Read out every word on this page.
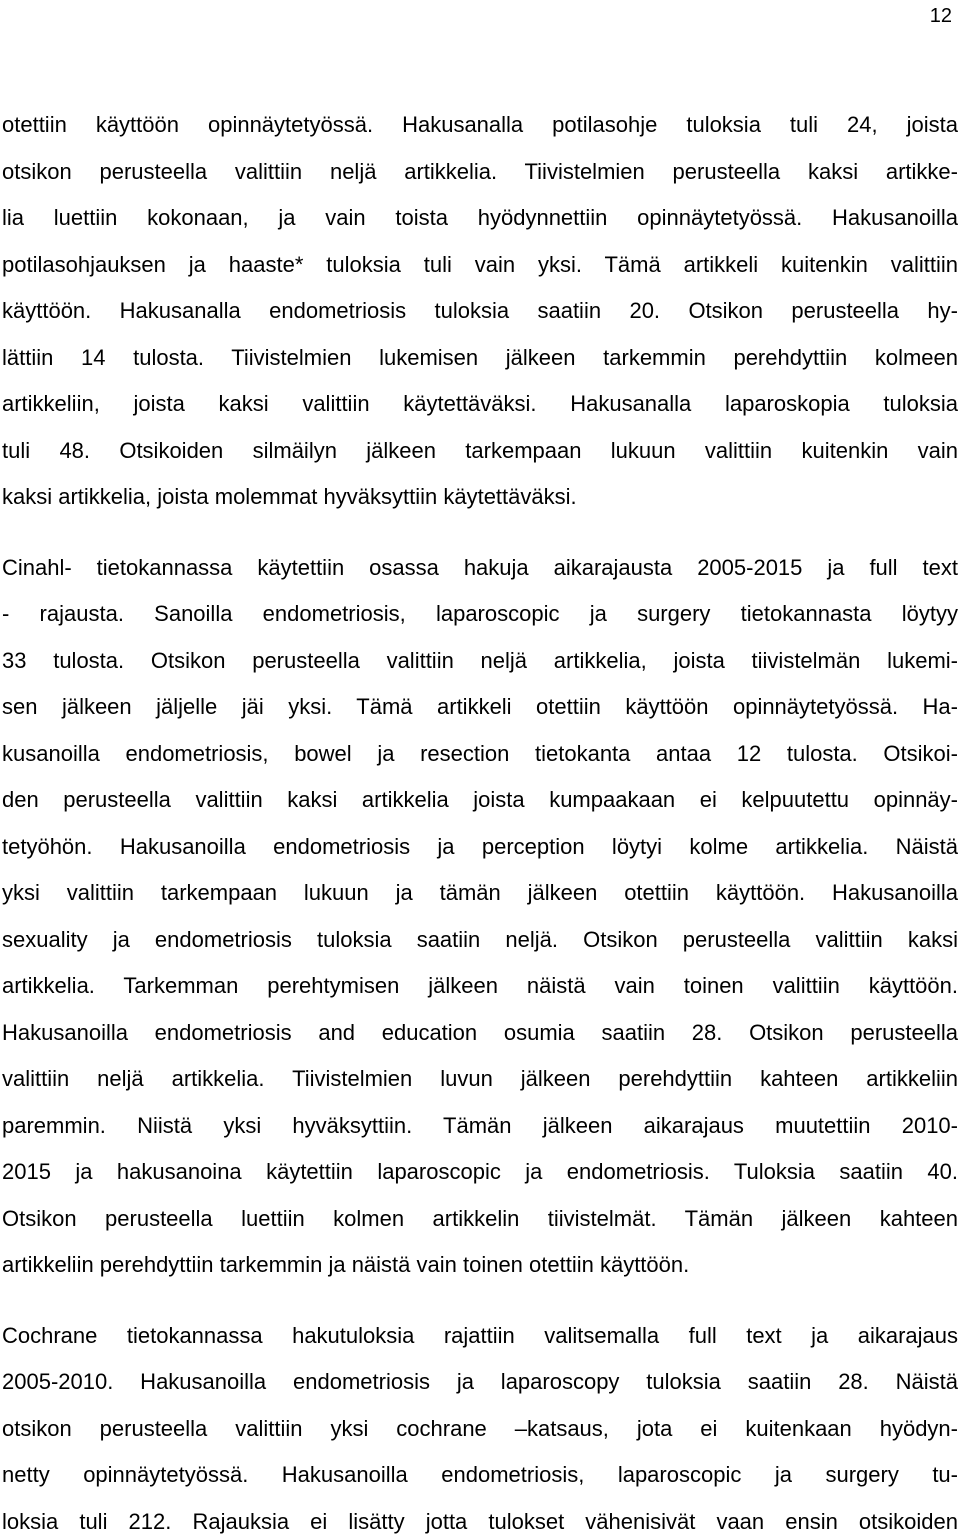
12
otettiin käyttöön opinnäytetyössä. Hakusanalla potilasohje tuloksia tuli 24, joista
otsikon perusteella valittiin neljä artikkelia. Tiivistelmien perusteella kaksi artikke-
lia luettiin kokonaan, ja vain toista hyödynnettiin opinnäytetyössä. Hakusanoilla
potilasohjauksen ja haaste* tuloksia tuli vain yksi. Tämä artikkeli kuitenkin valittiin
käyttöön. Hakusanalla endometriosis tuloksia saatiin 20. Otsikon perusteella hy-
lättiin 14 tulosta. Tiivistelmien lukemisen jälkeen tarkemmin perehdyttiin kolmeen
artikkeliin, joista kaksi valittiin käytettäväksi. Hakusanalla laparoskopia tuloksia
tuli 48. Otsikoiden silmäilyn jälkeen tarkempaan lukuun valittiin kuitenkin vain
kaksi artikkelia, joista molemmat hyväksyttiin käytettäväksi.
Cinahl- tietokannassa käytettiin osassa hakuja aikarajausta 2005-2015 ja full text
- rajausta. Sanoilla endometriosis, laparoscopic ja surgery tietokannasta löytyy
33 tulosta. Otsikon perusteella valittiin neljä artikkelia, joista tiivistelmän lukemi-
sen jälkeen jäljelle jäi yksi. Tämä artikkeli otettiin käyttöön opinnäytetyössä. Ha-
kusanoilla endometriosis, bowel ja resection tietokanta antaa 12 tulosta. Otsikoi-
den perusteella valittiin kaksi artikkelia joista kumpaakaan ei kelpuutettu opinnäy-
tetyöhön. Hakusanoilla endometriosis ja perception löytyi kolme artikkelia. Näistä
yksi valittiin tarkempaan lukuun ja tämän jälkeen otettiin käyttöön. Hakusanoilla
sexuality ja endometriosis tuloksia saatiin neljä. Otsikon perusteella valittiin kaksi
artikkelia. Tarkemman perehtymisen jälkeen näistä vain toinen valittiin käyttöön.
Hakusanoilla endometriosis and education osumia saatiin 28. Otsikon perusteella
valittiin neljä artikkelia. Tiivistelmien luvun jälkeen perehdyttiin kahteen artikkeliin
paremmin. Niistä yksi hyväksyttiin. Tämän jälkeen aikarajaus muutettiin 2010-
2015 ja hakusanoina käytettiin laparoscopic ja endometriosis. Tuloksia saatiin 40.
Otsikon perusteella luettiin kolmen artikkelin tiivistelmät. Tämän jälkeen kahteen
artikkeliin perehdyttiin tarkemmin ja näistä vain toinen otettiin käyttöön.
Cochrane tietokannassa hakutuloksia rajattiin valitsemalla full text ja aikarajaus
2005-2010. Hakusanoilla endometriosis ja laparoscopy tuloksia saatiin 28. Näistä
otsikon perusteella valittiin yksi cochrane –katsaus, jota ei kuitenkaan hyödyn-
netty opinnäytetyössä. Hakusanoilla endometriosis, laparoscopic ja surgery tu-
loksia tuli 212. Rajauksia ei lisätty jotta tulokset vähenisivät vaan ensin otsikoiden
